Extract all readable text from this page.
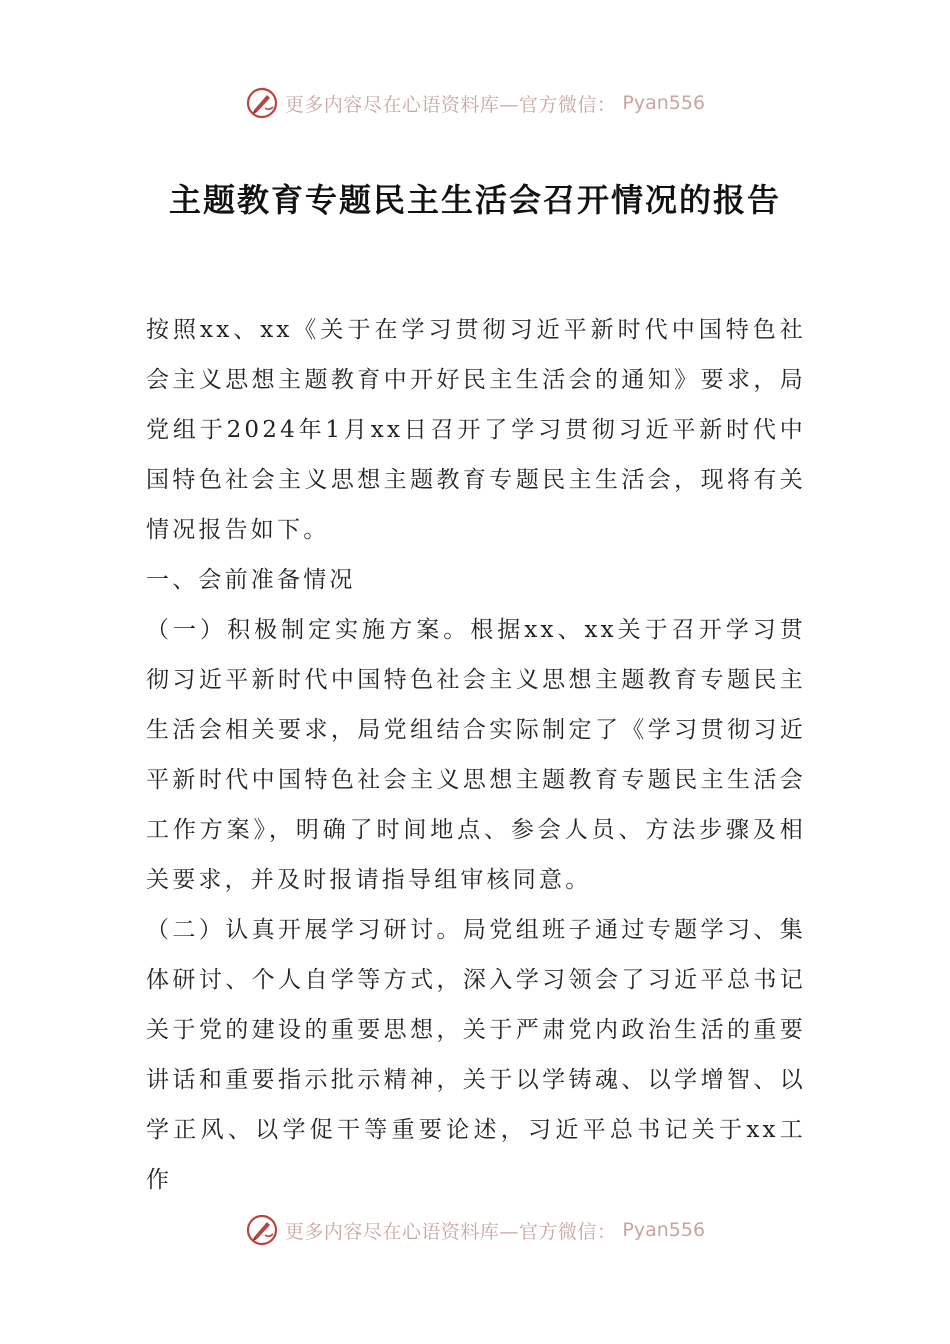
更多内容尽在心语资料库—官方微信： Pyan556
主题教育专题民主生活会召开情况的报告

按照xx、xx《关于在学习贯彻习近平新时代中国特色社会主义思想主题教育中开好民主生活会的通知》要求，局党组于2024年1月xx日召开了学习贯彻习近平新时代中国特色社会主义思想主题教育专题民主生活会，现将有关情况报告如下。

一、会前准备情况

（一）积极制定实施方案。根据xx、xx关于召开学习贯彻习近平新时代中国特色社会主义思想主题教育专题民主生活会相关要求，局党组结合实际制定了《学习贯彻习近平新时代中国特色社会主义思想主题教育专题民主生活会工作方案》，明确了时间地点、参会人员、方法步骤及相关要求，并及时报请指导组审核同意。

（二）认真开展学习研讨。局党组班子通过专题学习、集体研讨、个人自学等方式，深入学习领会了习近平总书记关于党的建设的重要思想，关于严肃党内政治生活的重要讲话和重要指示批示精神，关于以学铸魂、以学增智、以学正风、以学促干等重要论述，习近平总书记关于xx工作

更多内容尽在心语资料库—官方微信： Pyan556
